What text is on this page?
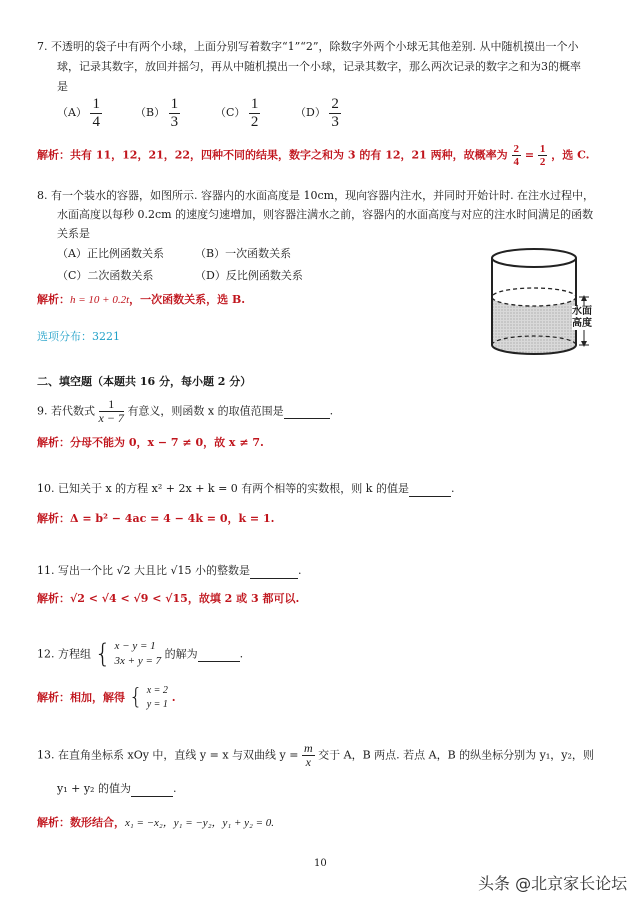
7. 不透明的袋子中有两个小球，上面分别写着数字“1”“2”，除数字外两个小球无其他差别. 从中随机摸出一个小
球，记录其数字，放回并摇匀，再从中随机摸出一个小球，记录其数字，那么两次记录的数字之和为3的概率
是
$(A) \frac{1}{4}$	$(B) \frac{1}{3}$	$(C) \frac{1}{2}$	$(D) \frac{2}{3}$
解析：共有 11，12，21，22，四种不同的结果，数字之和为 3 的有 12，21 两种，故概率为 $\frac{2}{4} = \frac{1}{2}$ ，选 C.
8. 有一个装水的容器，如图所示. 容器内的水面高度是 10cm，现向容器内注水，并同时开始计时. 在注水过程中，
水面高度以每秒 0.2cm 的速度匀速增加，则容器注满水之前，容器内的水面高度与对应的注水时间满足的函数
关系是
（A）正比例函数关系	（B）一次函数关系
（C）二次函数关系	（D）反比例函数关系
解析：h = 10 + 0.2t，一次函数关系，选 B.
选项分布：3221
水面
高度
二、填空题（本题共 16 分，每小题 2 分）
9. 若代数式 $\frac{1}{x - 7}$ 有意义，则函数 x 的取值范围是	.
解析：分母不能为 0，x − 7 ≠ 0，故 x ≠ 7.
10. 已知关于 x 的方程 x² + 2x + k = 0 有两个相等的实数根，则 k 的值是	.
解析：Δ = b² − 4ac = 4 − 4k = 0，k = 1.
11. 写出一个比 √2 大且比 √15 小的整数是	.
解析：√2 < √4 < √9 < √15，故填 2 或 3 都可以.
12. 方程组 { x − y = 1
3x + y = 7
的解为	.
解析：相加，解得 { x = 2
y = 1
.
13. 在直角坐标系 xOy 中，直线 y = x 与双曲线 $y = \frac{m}{x}$ 交于 A，B 两点. 若点 A，B 的纵坐标分别为 y₁，y₂，则
y₁ + y₂ 的值为	.
解析：数形结合，x₁ = −x₂，y₁ = −y₂，y₁ + y₂ = 0.
10
头条 @北京家长论坛
